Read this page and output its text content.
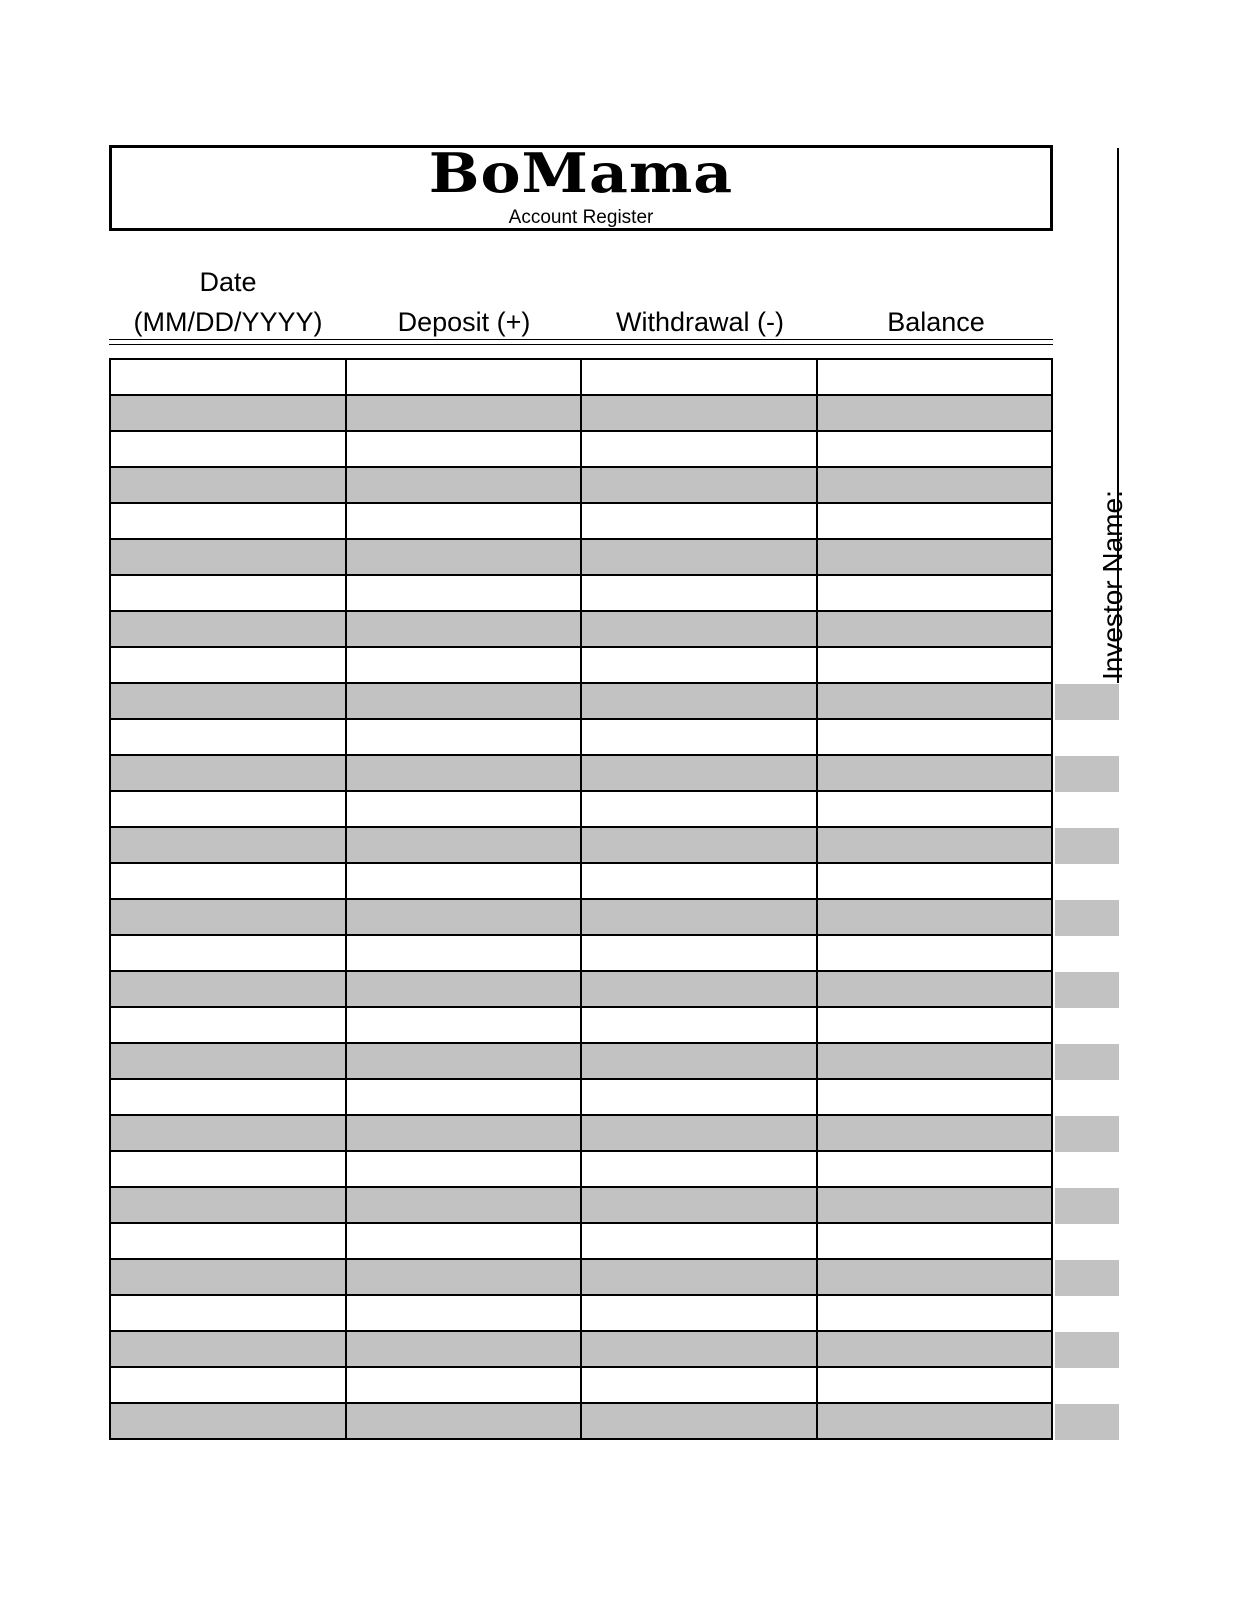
BoMama
Account Register
Date
(MM/DD/YYYY)	Deposit (+)	Withdrawal (-)	Balance
Investor Name:
